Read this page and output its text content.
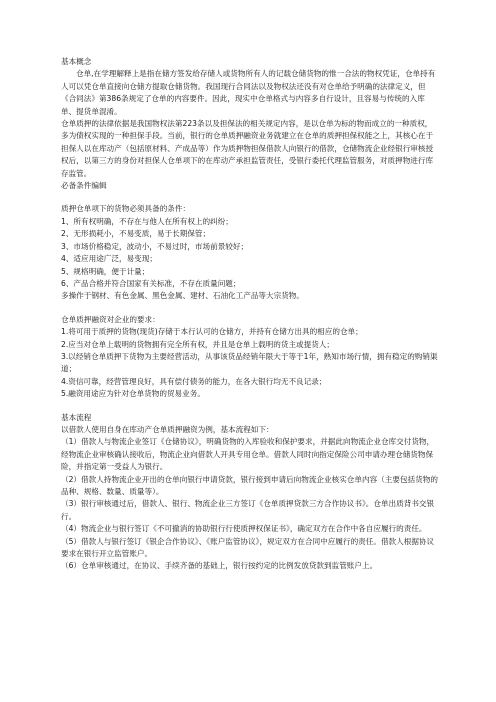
基本概念

仓单,在学理解释上是指在储方签发给存储人或货物所有人的记载仓储货物的惟一合法的物权凭证，仓单持有人可以凭仓单直接向仓储方提取仓储货物。我国现行合同法以及物权法还没有对仓单给予明确的法律定义，但《合同法》第386条规定了仓单的内容要件。因此，现实中仓单格式与内容多自行设计，且容易与传统的入库单、提货单混淆。

仓单质押的法律依据是我国物权法第223条以及担保法的相关规定内容，是以仓单为标的物而成立的一种质权，多为债权实现的一种担保手段。当前，银行的仓单质押融资业务就建立在仓单的质押担保权能之上，其核心在于担保人以在库动产（包括原材料、产成品等）作为质押物担保借款人向银行的借款，仓储物流企业经银行审核授权后，以第三方的身份对担保人仓单项下的在库动产承担监管责任，受银行委托代理监管服务，对质押物进行库存监管。

必备条件编辑

质押仓单项下的货物必须具备的条件：

1、所有权明确，不存在与他人在所有权上的纠纷；

2、无形损耗小，不易变质，易于长期保管；

3、市场价格稳定，波动小，不易过时，市场前景较好；

4、适应用途广泛，易变现；

5、规格明确，便于计量；

6、产品合格并符合国家有关标准，不存在质量问题；

多操作于钢材、有色金属、黑色金属、建材、石油化工产品等大宗货物。

仓单质押融资对企业的要求：

1.将可用于质押的货物(现货)存储于本行认可的仓储方，并持有仓储方出具的相应的仓单；

2.应当对仓单上载明的货物拥有完全所有权，并且是仓单上载明的货主或提货人；

3.以经销仓单质押下货物为主要经营活动，从事该货品经销年限大于等于1年，熟知市场行情，拥有稳定的购销渠道；

4.资信可靠，经营管理良好，具有偿付债务的能力，在各大银行均无不良记录；

5.融资用途应为针对仓单货物的贸易业务。

基本流程

以借款人使用自身在库动产仓单质押融资为例，基本流程如下：

（1）借款人与物流企业签订《仓储协议》，明确货物的入库验收和保护要求，并据此向物流企业仓库交付货物，经物流企业审核确认接收后，物流企业向借款人开具专用仓单。借款人同时向指定保险公司申请办理仓储货物保险，并指定第一受益人为银行。

（2）借款人持物流企业开出的仓单向银行申请贷款，银行接到申请后向物流企业核实仓单内容（主要包括货物的品种、规格、数量、质量等）。

（3）银行审核通过后，借款人、银行、物流企业三方签订《仓单质押贷款三方合作协议书》。仓单出质背书交银行。

（4）物流企业与银行签订《不可撤消的协助银行行使质押权保证书》，确定双方在合作中各自应履行的责任。

（5）借款人与银行签订《银企合作协议》、《账户监管协议》，规定双方在合同中应履行的责任。借款人根据协议要求在银行开立监管账户。

（6）仓单审核通过，在协议、手续齐备的基础上，银行按约定的比例发放贷款到监管账户上。
